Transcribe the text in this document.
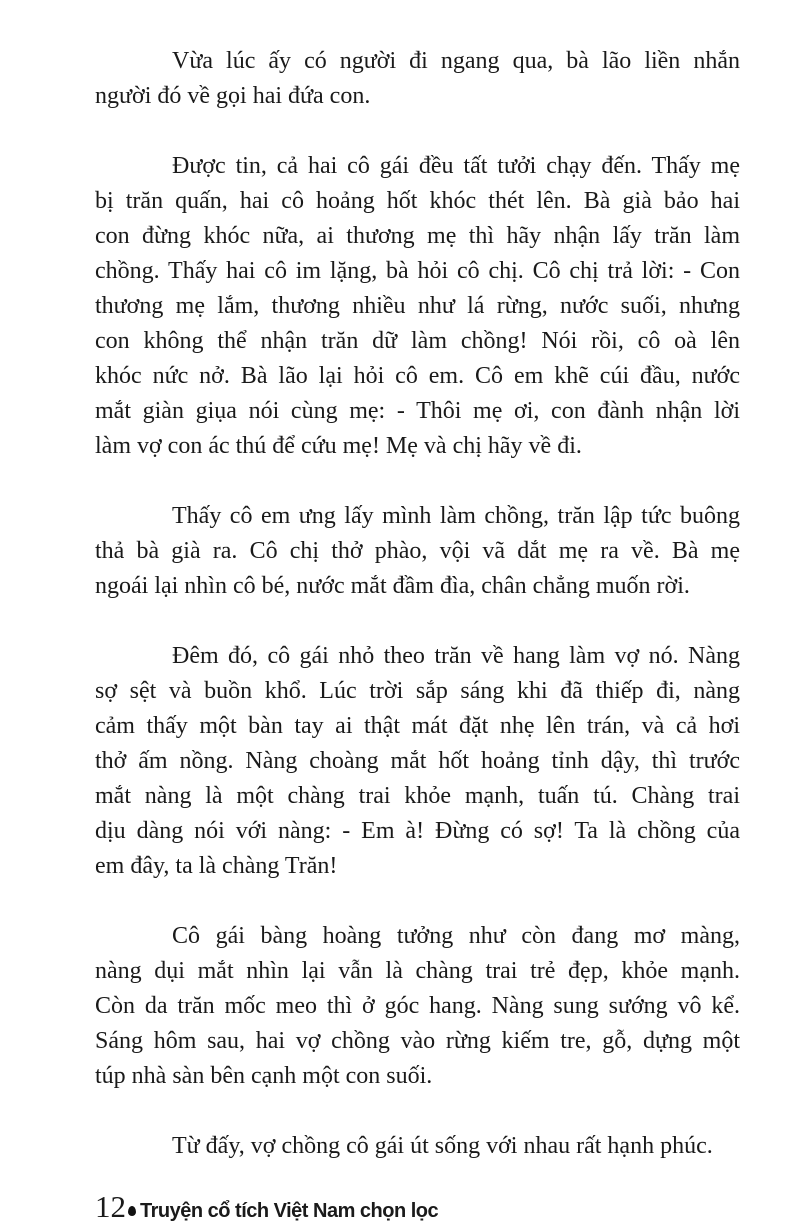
Vừa lúc ấy có người đi ngang qua, bà lão liền nhắn
người đó về gọi hai đứa con.
Được tin, cả hai cô gái đều tất tưởi chạy đến. Thấy mẹ
bị trăn quấn, hai cô hoảng hốt khóc thét lên. Bà già bảo hai
con đừng khóc nữa, ai thương mẹ thì hãy nhận lấy trăn làm
chồng. Thấy hai cô im lặng, bà hỏi cô chị. Cô chị trả lời: - Con
thương mẹ lắm, thương nhiều như lá rừng, nước suối, nhưng
con không thể nhận trăn dữ làm chồng! Nói rồi, cô oà lên
khóc nức nở. Bà lão lại hỏi cô em. Cô em khẽ cúi đầu, nước
mắt giàn giụa nói cùng mẹ: - Thôi mẹ ơi, con đành nhận lời
làm vợ con ác thú để cứu mẹ! Mẹ và chị hãy về đi.
Thấy cô em ưng lấy mình làm chồng, trăn lập tức buông
thả bà già ra. Cô chị thở phào, vội vã dắt mẹ ra về. Bà mẹ
ngoái lại nhìn cô bé, nước mắt đầm đìa, chân chẳng muốn rời.
Đêm đó, cô gái nhỏ theo trăn về hang làm vợ nó. Nàng
sợ sệt và buồn khổ. Lúc trời sắp sáng khi đã thiếp đi, nàng
cảm thấy một bàn tay ai thật mát đặt nhẹ lên trán, và cả hơi
thở ấm nồng. Nàng choàng mắt hốt hoảng tỉnh dậy, thì trước
mắt nàng là một chàng trai khỏe mạnh, tuấn tú. Chàng trai
dịu dàng nói với nàng: - Em à! Đừng có sợ! Ta là chồng của
em đây, ta là chàng Trăn!
Cô gái bàng hoàng tưởng như còn đang mơ màng,
nàng dụi mắt nhìn lại vẫn là chàng trai trẻ đẹp, khỏe mạnh.
Còn da trăn mốc meo thì ở góc hang. Nàng sung sướng vô kể.
Sáng hôm sau, hai vợ chồng vào rừng kiếm tre, gỗ, dựng một
túp nhà sàn bên cạnh một con suối.
Từ đấy, vợ chồng cô gái út sống với nhau rất hạnh phúc.
12 Truyện cổ tích Việt Nam chọn lọc
